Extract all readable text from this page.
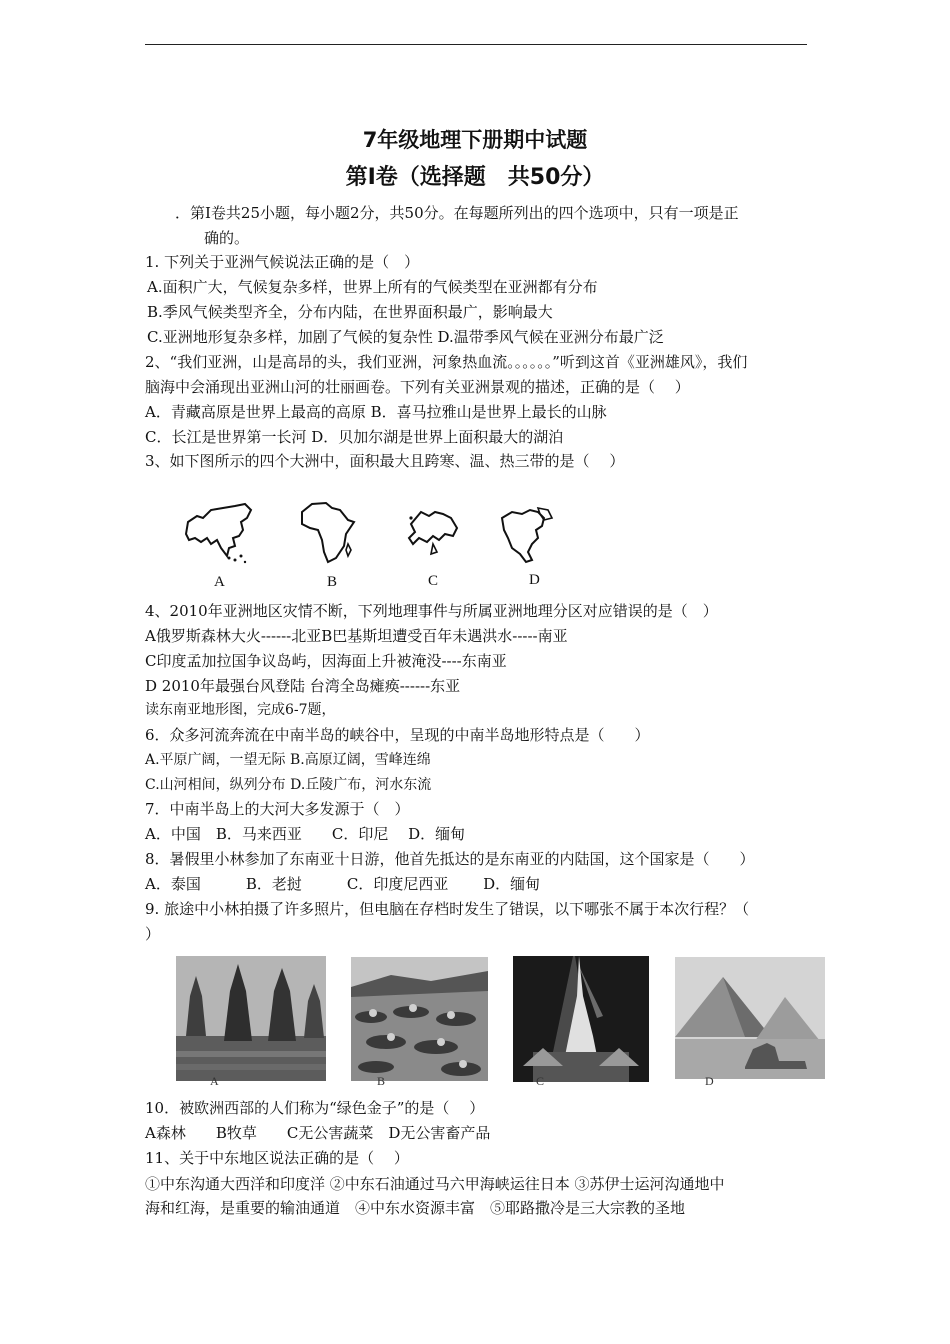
7年级地理下册期中试题
第Ⅰ卷（选择题　共50分）
．第Ⅰ卷共25小题，每小题2分，共50分。在每题所列出的四个选项中，只有一项是正
确的。
1. 下列关于亚洲气候说法正确的是（　）
A.面积广大，气候复杂多样，世界上所有的气候类型在亚洲都有分布
B.季风气候类型齐全，分布内陆，在世界面积最广，影响最大
C.亚洲地形复杂多样，加剧了气候的复杂性 D.温带季风气候在亚洲分布最广泛
2、“我们亚洲，山是高昂的头，我们亚洲，河象热血流。。。。。。”听到这首《亚洲雄风》，我们
脑海中会涌现出亚洲山河的壮丽画卷。下列有关亚洲景观的描述，正确的是（　 ）
A．青藏高原是世界上最高的高原 B．喜马拉雅山是世界上最长的山脉
C．长江是世界第一长河 D．贝加尔湖是世界上面积最大的湖泊
3、如下图所示的四个大洲中，面积最大且跨寒、温、热三带的是（　 ）
A	B	C	D
4、2010年亚洲地区灾情不断，下列地理事件与所属亚洲地理分区对应错误的是（　）
A俄罗斯森林大火------北亚B巴基斯坦遭受百年未遇洪水-----南亚
C印度孟加拉国争议岛屿，因海面上升被淹没----东南亚
D 2010年最强台风登陆 台湾全岛瘫痪------东亚
读东南亚地形图，完成6-7题，
6．众多河流奔流在中南半岛的峡谷中，呈现的中南半岛地形特点是（　　）
A.平原广阔，一望无际 B.高原辽阔，雪峰连绵
C.山河相间，纵列分布 D.丘陵广布，河水东流
7．中南半岛上的大河大多发源于（　）
A．中国　B．马来西亚　　C．印尼　 D．缅甸
8．暑假里小林参加了东南亚十日游，他首先抵达的是东南亚的内陆国，这个国家是（　　）
A．泰国　　　B．老挝　　　C．印度尼西亚　　 D．缅甸
9. 旅途中小林拍摄了许多照片，但电脑在存档时发生了错误，以下哪张不属于本次行程？（
）
A	B	C	D
10．被欧洲西部的人们称为“绿色金子”的是（　 ）
A森林　　B牧草　　C无公害蔬菜　D无公害畜产品
11、关于中东地区说法正确的是（　 ）
①中东沟通大西洋和印度洋 ②中东石油通过马六甲海峡运往日本 ③苏伊士运河沟通地中
海和红海，是重要的输油通道　④中东水资源丰富　⑤耶路撒冷是三大宗教的圣地
